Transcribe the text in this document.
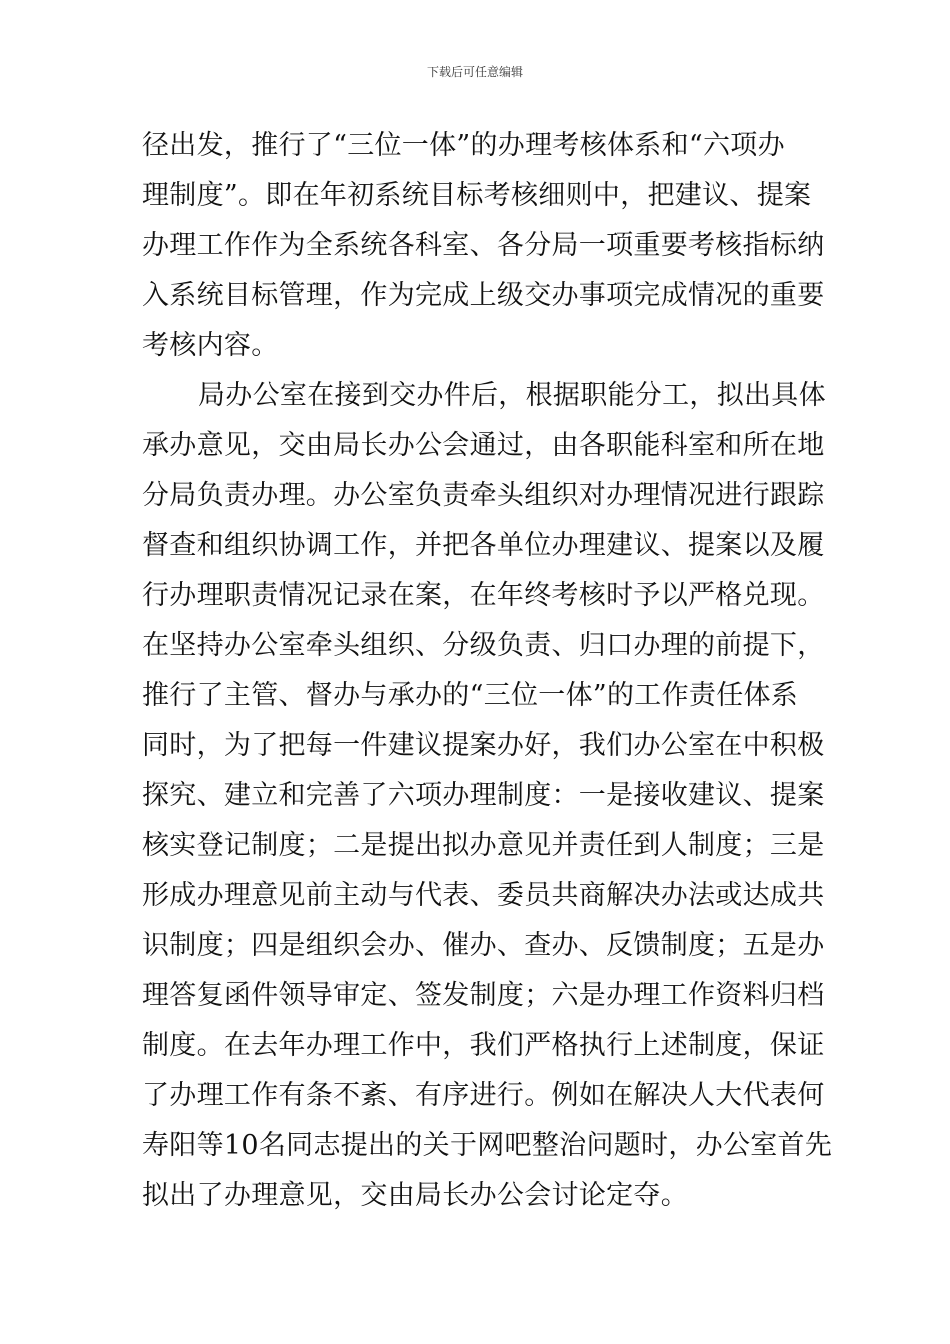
下载后可任意编辑
径出发，推行了“三位一体”的办理考核体系和“六项办
理制度”。即在年初系统目标考核细则中，把建议、提案
办理工作作为全系统各科室、各分局一项重要考核指标纳
入系统目标管理，作为完成上级交办事项完成情况的重要
考核内容。
局办公室在接到交办件后，根据职能分工，拟出具体
承办意见，交由局长办公会通过，由各职能科室和所在地
分局负责办理。办公室负责牵头组织对办理情况进行跟踪
督查和组织协调工作，并把各单位办理建议、提案以及履
行办理职责情况记录在案，在年终考核时予以严格兑现。
在坚持办公室牵头组织、分级负责、归口办理的前提下，
推行了主管、督办与承办的“三位一体”的工作责任体系
同时，为了把每一件建议提案办好，我们办公室在中积极
探究、建立和完善了六项办理制度：一是接收建议、提案
核实登记制度；二是提出拟办意见并责任到人制度；三是
形成办理意见前主动与代表、委员共商解决办法或达成共
识制度；四是组织会办、催办、查办、反馈制度；五是办
理答复函件领导审定、签发制度；六是办理工作资料归档
制度。在去年办理工作中，我们严格执行上述制度，保证
了办理工作有条不紊、有序进行。例如在解决人大代表何
寿阳等10名同志提出的关于网吧整治问题时，办公室首先
拟出了办理意见，交由局长办公会讨论定夺。
